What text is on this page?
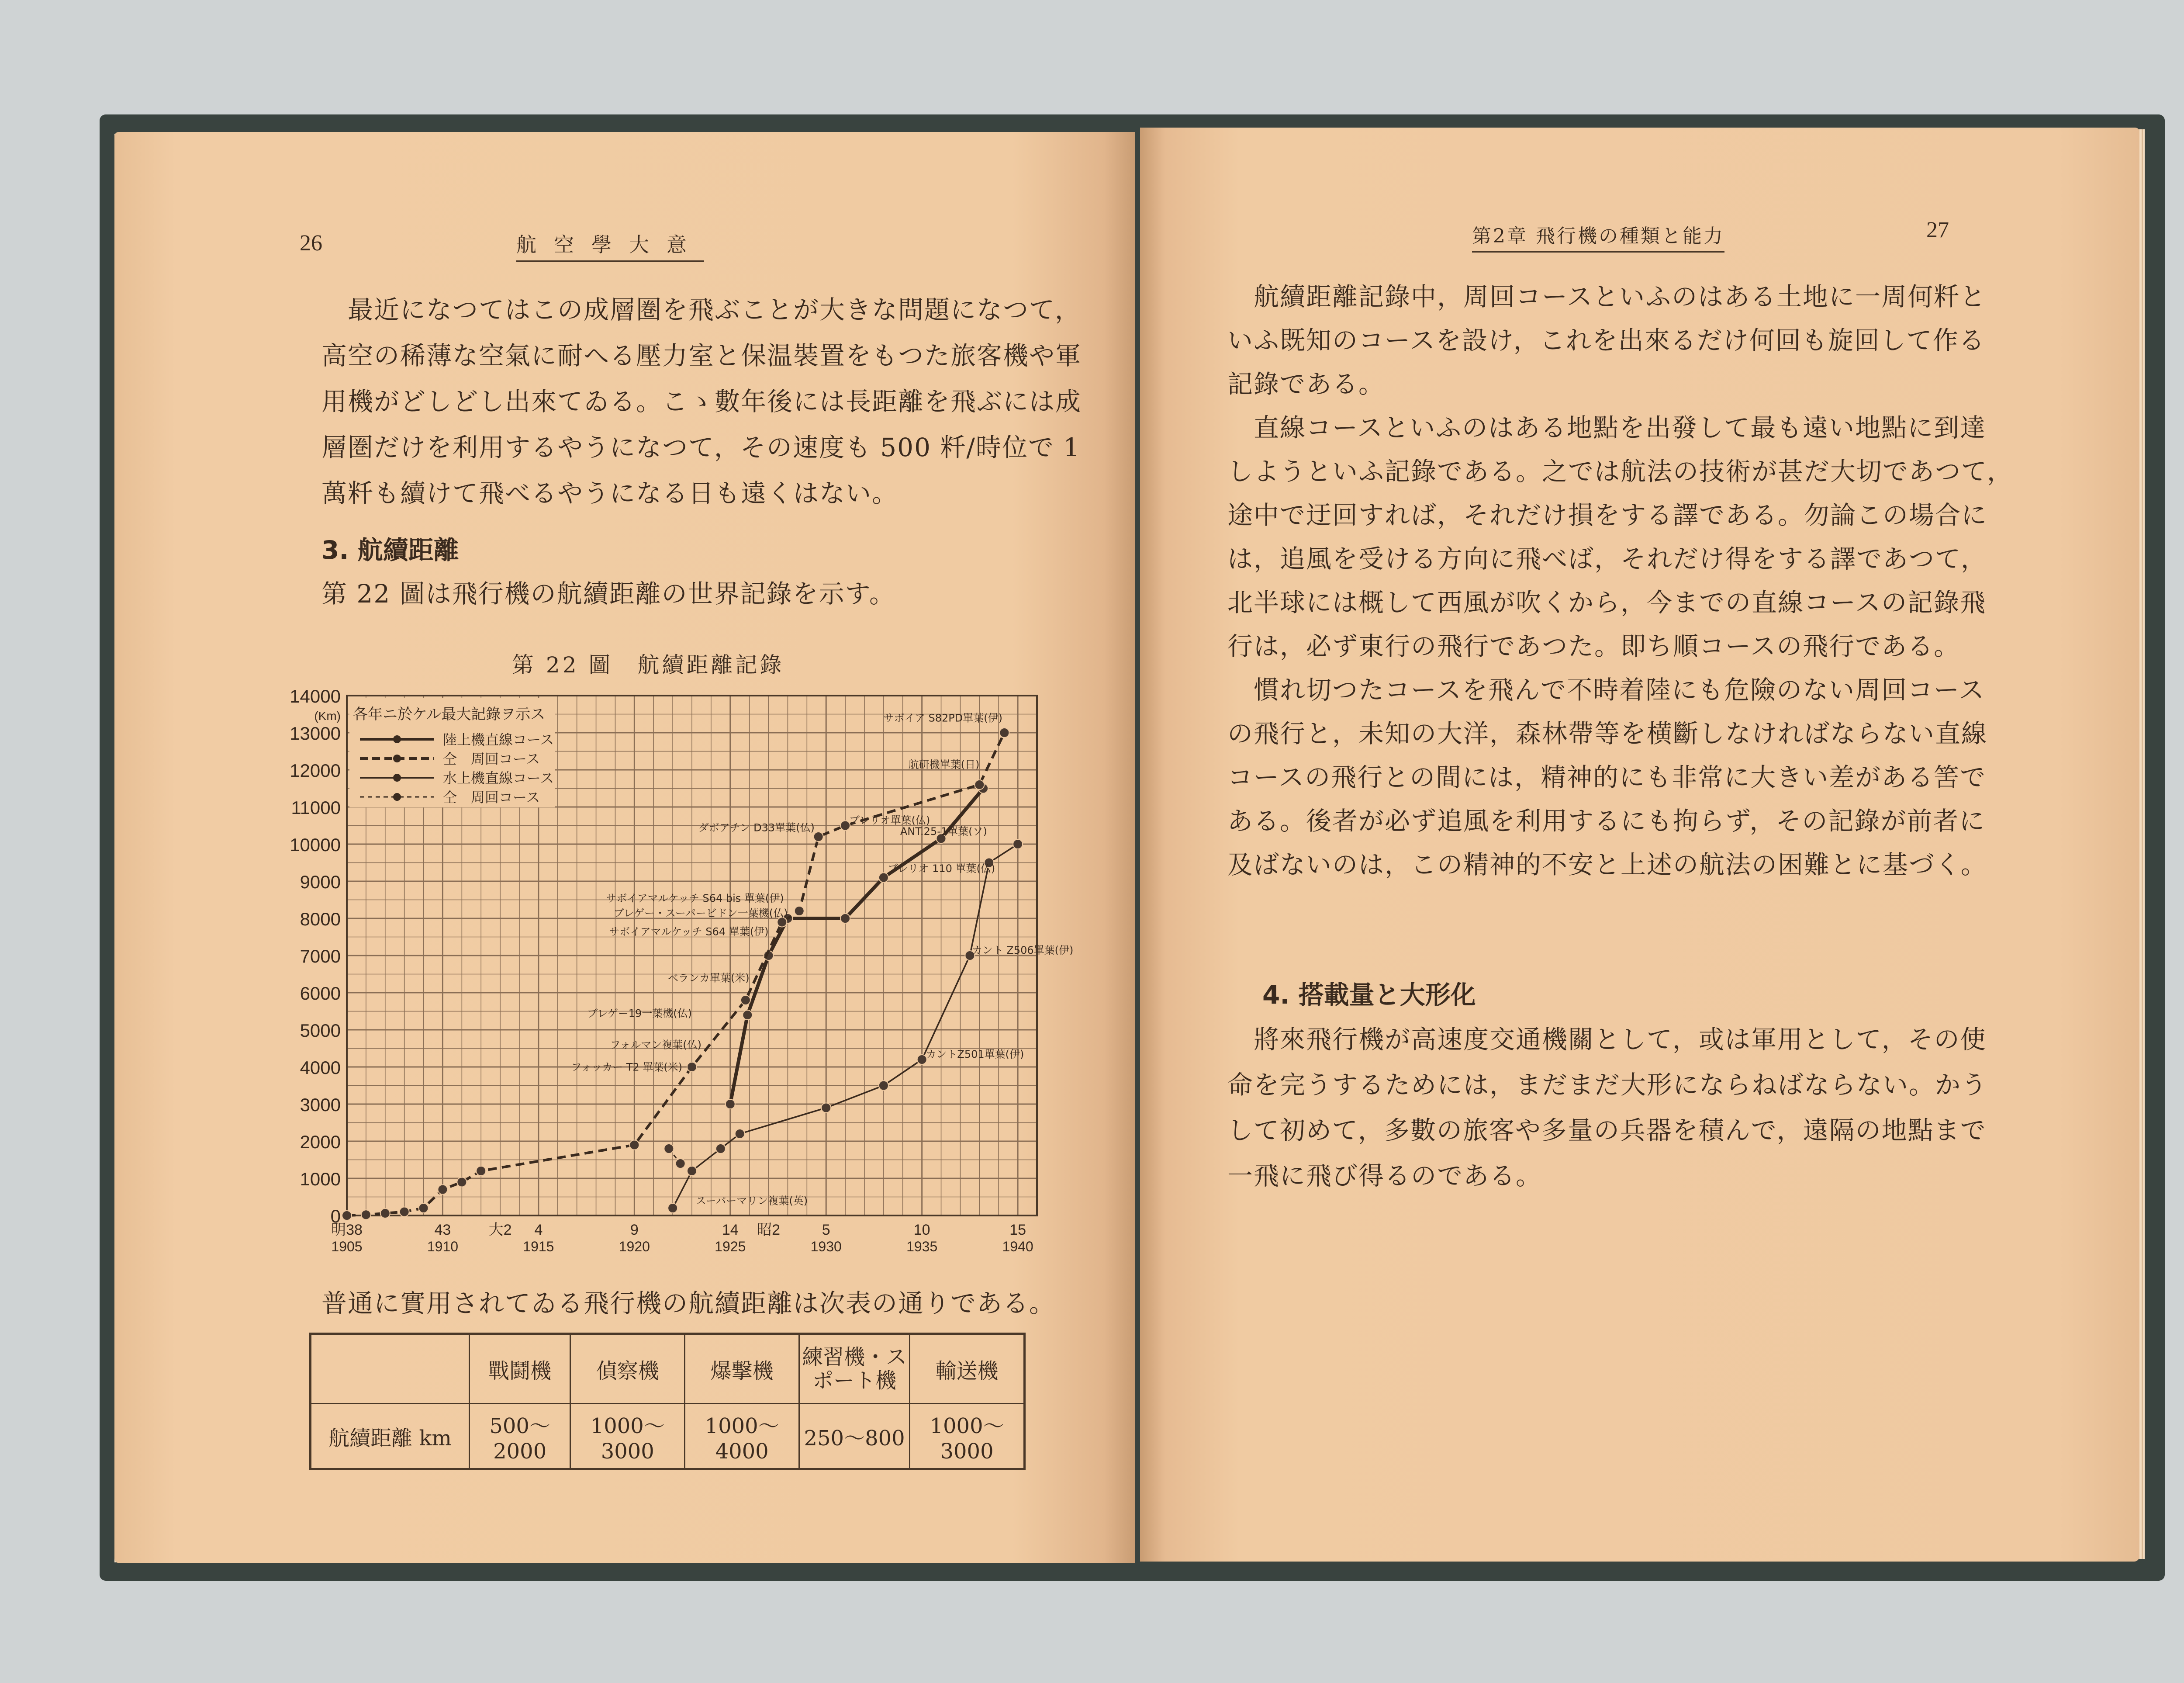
26	航空學大意
最近になつてはこの成層圏を飛ぶことが大きな問題になつて，
高空の稀薄な空氣に耐へる壓力室と保温裝置をもつた旅客機や軍
用機がどしどし出來てゐる。こゝ數年後には長距離を飛ぶには成
層圏だけを利用するやうになつて，その速度も 500 粁/時位で 1
萬粁も續けて飛べるやうになる日も遠くはない。
3. 航續距離
第 22 圖は飛行機の航續距離の世界記錄を示す。
第 22 圖　航續距離記錄
各年ニ於ケル最大記錄ヲ示ス
陸上機直線コース
仝　周回コース
水上機直線コース
仝　周回コース
14000
13000
12000
11000
10000
9000
8000
7000
6000
5000
4000
3000
2000
1000
0
(Km)
明38	43	大2 4	9	14 昭2	5	10	15
1905	1910	1915	1920	1925	1930	1935	1940
サボイア S82PD單葉(伊)
航研機單葉(日)
ANT.25-1單葉(ソ)
ダボアチン D33單葉(仏)
ブレリオ單葉(仏)
ブレリオ 110 單葉(仏)
サボイアマルケッチ S64 bis 單葉(伊)
ブレゲー・スーパービドン一葉機(仏)
サボイアマルケッチ S64 單葉(伊)
ベランカ單葉(米)
ブレゲー19一葉機(仏)
フォルマン複葉(仏)
フォッカー T2 單葉(米)
カント Z506單葉(伊)
カントZ501單葉(伊)
スーパーマリン複葉(英)
普通に實用されてゐる飛行機の航續距離は次表の通りである。
	戰鬪機	偵察機	爆撃機	練習機・スポート機	輸送機
航續距離 km	500〜2000	1000〜3000	1000〜4000	250〜800	1000〜3000
第2章 飛行機の種類と能力	27
航續距離記錄中，周回コースといふのはある土地に一周何粁と
いふ既知のコースを設け，これを出來るだけ何回も旋回して作る
記錄である。
直線コースといふのはある地點を出發して最も遠い地點に到達
しようといふ記錄である。之では航法の技術が甚だ大切であつて，
途中で迂回すれば，それだけ損をする譯である。勿論この場合に
は，追風を受ける方向に飛べば，それだけ得をする譯であつて，
北半球には概して西風が吹くから，今までの直線コースの記錄飛
行は，必ず東行の飛行であつた。即ち順コースの飛行である。
慣れ切つたコースを飛んで不時着陸にも危險のない周回コース
の飛行と，未知の大洋，森林帶等を横斷しなければならない直線
コースの飛行との間には，精神的にも非常に大きい差がある筈で
ある。後者が必ず追風を利用するにも拘らず，その記錄が前者に
及ばないのは，この精神的不安と上述の航法の困難とに基づく。
4. 搭載量と大形化
將來飛行機が高速度交通機關として，或は軍用として，その使
命を完うするためには，まだまだ大形にならねばならない。かう
して初めて，多數の旅客や多量の兵器を積んで，遠隔の地點まで
一飛に飛び得るのである。
